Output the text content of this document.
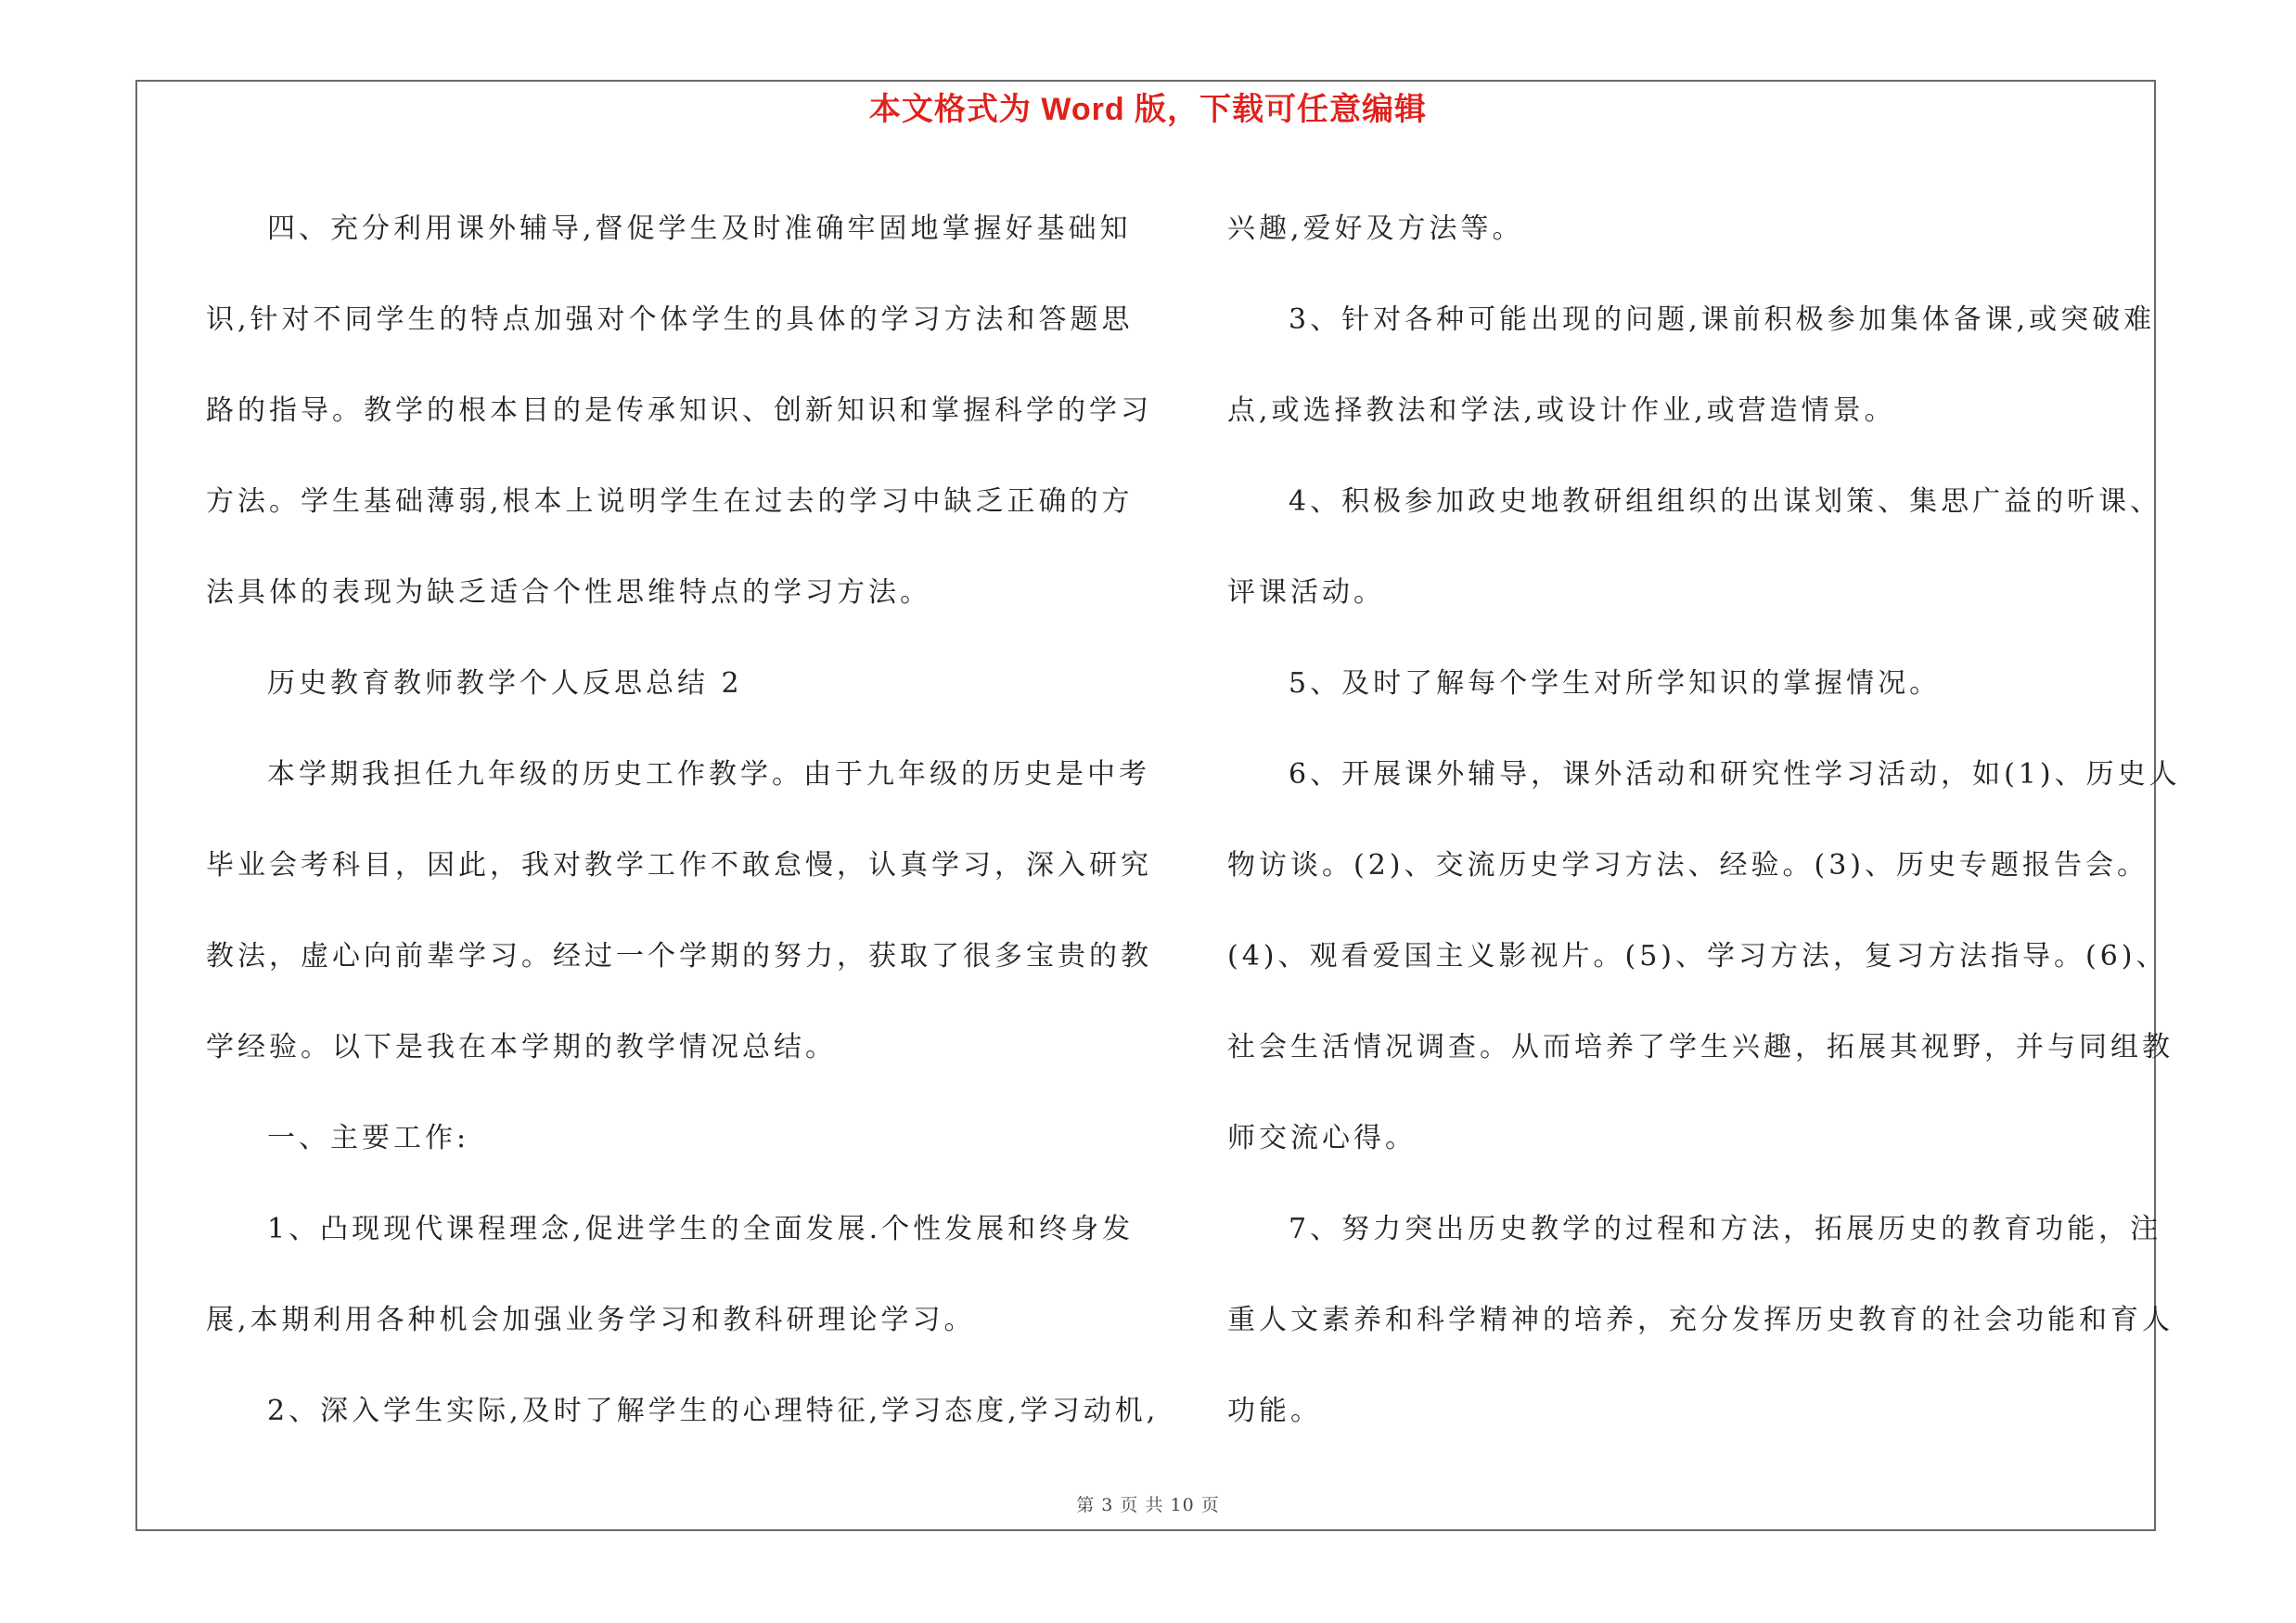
本文格式为 Word 版，下载可任意编辑
四、充分利用课外辅导,督促学生及时准确牢固地掌握好基础知
识,针对不同学生的特点加强对个体学生的具体的学习方法和答题思
路的指导。教学的根本目的是传承知识、创新知识和掌握科学的学习
方法。学生基础薄弱,根本上说明学生在过去的学习中缺乏正确的方
法具体的表现为缺乏适合个性思维特点的学习方法。
历史教育教师教学个人反思总结 2
本学期我担任九年级的历史工作教学。由于九年级的历史是中考
毕业会考科目，因此，我对教学工作不敢怠慢，认真学习，深入研究
教法，虚心向前辈学习。经过一个学期的努力，获取了很多宝贵的教
学经验。以下是我在本学期的教学情况总结。
一、主要工作:
1、凸现现代课程理念,促进学生的全面发展.个性发展和终身发
展,本期利用各种机会加强业务学习和教科研理论学习。
2、深入学生实际,及时了解学生的心理特征,学习态度,学习动机,
兴趣,爱好及方法等。
3、针对各种可能出现的问题,课前积极参加集体备课,或突破难
点,或选择教法和学法,或设计作业,或营造情景。
4、积极参加政史地教研组组织的出谋划策、集思广益的听课、
评课活动。
5、及时了解每个学生对所学知识的掌握情况。
6、开展课外辅导，课外活动和研究性学习活动，如(1)、历史人
物访谈。(2)、交流历史学习方法、经验。(3)、历史专题报告会。
(4)、观看爱国主义影视片。(5)、学习方法，复习方法指导。(6)、
社会生活情况调查。从而培养了学生兴趣，拓展其视野，并与同组教
师交流心得。
7、努力突出历史教学的过程和方法，拓展历史的教育功能，注
重人文素养和科学精神的培养，充分发挥历史教育的社会功能和育人
功能。
第 3 页 共 10 页
